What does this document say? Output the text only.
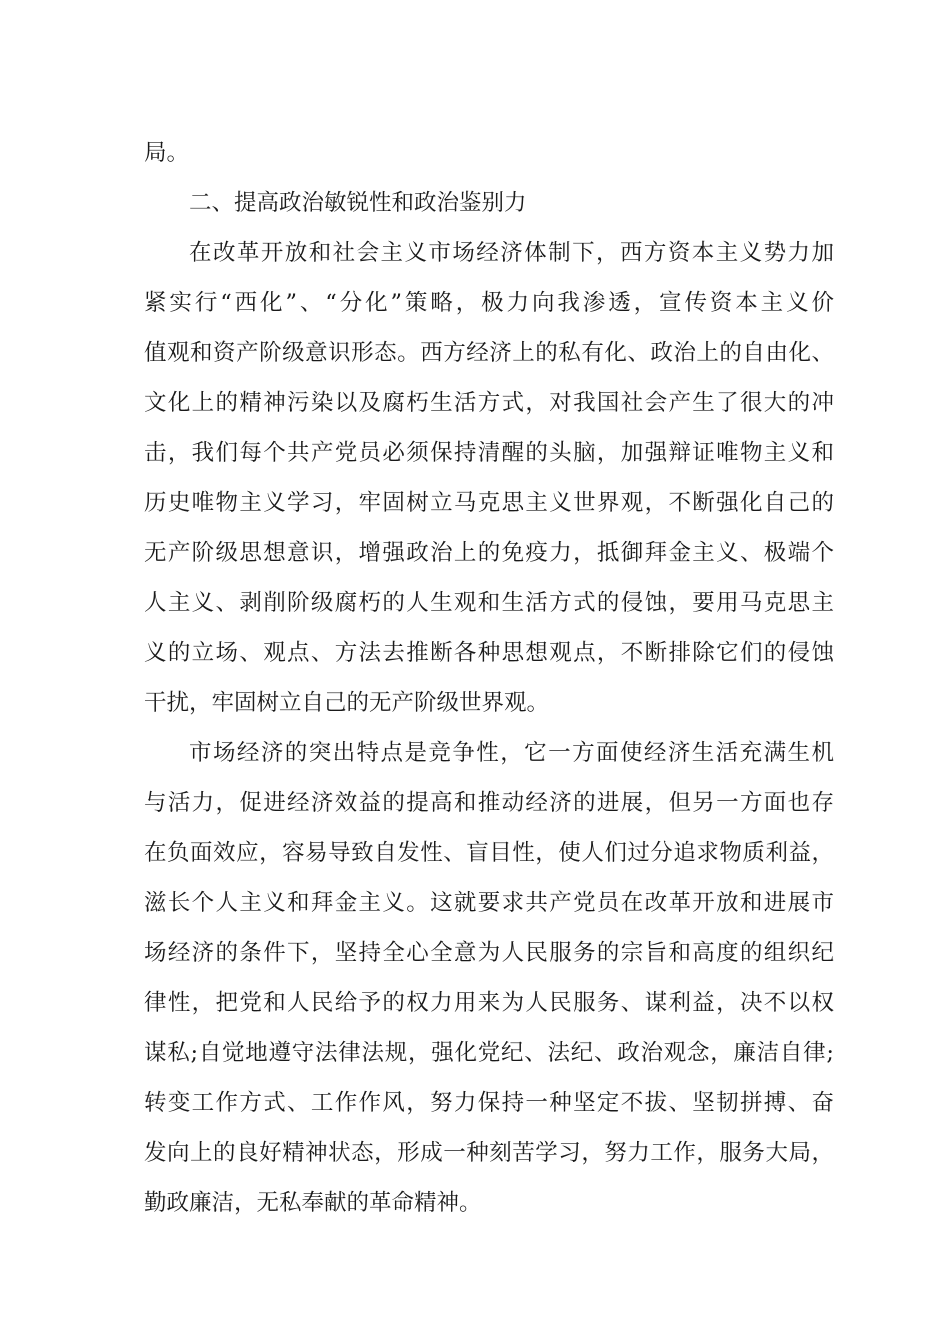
局。
二、提高政治敏锐性和政治鉴别力
在改革开放和社会主义市场经济体制下，西方资本主义势力加
紧实行“西化”、“分化”策略，极力向我渗透，宣传资本主义价
值观和资产阶级意识形态。西方经济上的私有化、政治上的自由化、
文化上的精神污染以及腐朽生活方式，对我国社会产生了很大的冲
击，我们每个共产党员必须保持清醒的头脑，加强辩证唯物主义和
历史唯物主义学习，牢固树立马克思主义世界观，不断强化自己的
无产阶级思想意识，增强政治上的免疫力，抵御拜金主义、极端个
人主义、剥削阶级腐朽的人生观和生活方式的侵蚀，要用马克思主
义的立场、观点、方法去推断各种思想观点，不断排除它们的侵蚀
干扰，牢固树立自己的无产阶级世界观。
市场经济的突出特点是竞争性，它一方面使经济生活充满生机
与活力，促进经济效益的提高和推动经济的进展，但另一方面也存
在负面效应，容易导致自发性、盲目性，使人们过分追求物质利益，
滋长个人主义和拜金主义。这就要求共产党员在改革开放和进展市
场经济的条件下，坚持全心全意为人民服务的宗旨和高度的组织纪
律性，把党和人民给予的权力用来为人民服务、谋利益，决不以权
谋私;自觉地遵守法律法规，强化党纪、法纪、政治观念，廉洁自律;
转变工作方式、工作作风，努力保持一种坚定不拔、坚韧拼搏、奋
发向上的良好精神状态，形成一种刻苦学习，努力工作，服务大局，
勤政廉洁，无私奉献的革命精神。
